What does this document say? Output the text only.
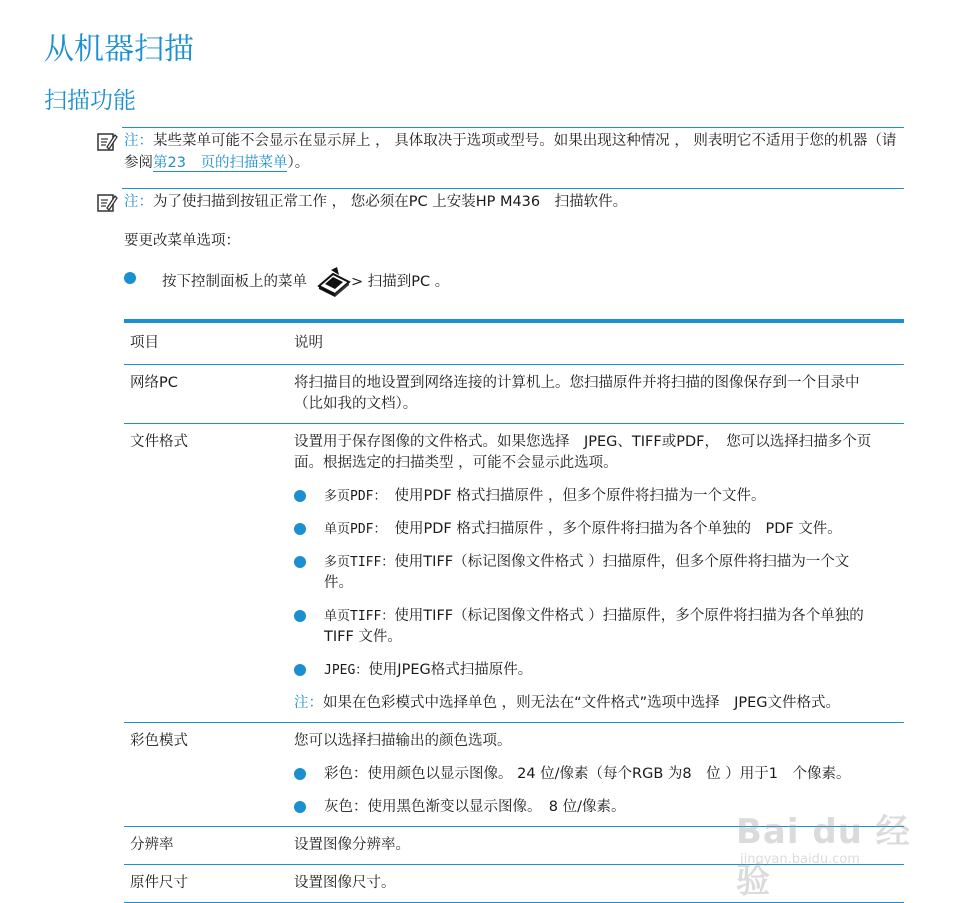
从机器扫描
扫描功能
注：某些菜单可能不会显示在显示屏上 ， 具体取决于选项或型号。如果出现这种情况 ， 则表明它不适用于您的机器（请参阅第23　页的扫描菜单）。
注：为了使扫描到按钮正常工作 ， 您必须在PC 上安装HP M436　扫描软件。
要更改菜单选项：
按下控制面板上的菜单	> 扫描到PC 。
项目	说明
网络PC	将扫描目的地设置到网络连接的计算机上。您扫描原件并将扫描的图像保存到一个目录中（比如我的文档）。
文件格式	设置用于保存图像的文件格式。如果您选择　JPEG、TIFF或PDF，　您可以选择扫描多个页面。根据选定的扫描类型 ，可能不会显示此选项。
多页PDF：　使用PDF 格式扫描原件 ，但多个原件将扫描为一个文件。
单页PDF：　使用PDF 格式扫描原件 ，多个原件将扫描为各个单独的　PDF 文件。
多页TIFF：使用TIFF（标记图像文件格式 ）扫描原件，但多个原件将扫描为一个文件。
单页TIFF：使用TIFF（标记图像文件格式 ）扫描原件，多个原件将扫描为各个单独的TIFF 文件。
JPEG：使用JPEG格式扫描原件。
注：如果在色彩模式中选择单色 ，则无法在“文件格式”选项中选择　JPEG文件格式。
彩色模式	您可以选择扫描输出的颜色选项。
彩色：使用颜色以显示图像。 24 位/像素（每个RGB 为8　位 ）用于1　个像素。
灰色：使用黑色渐变以显示图像。　8 位/像素。
分辨率	设置图像分辨率。
原件尺寸	设置图像尺寸。
Bai du 经验
jingyan.baidu.com
